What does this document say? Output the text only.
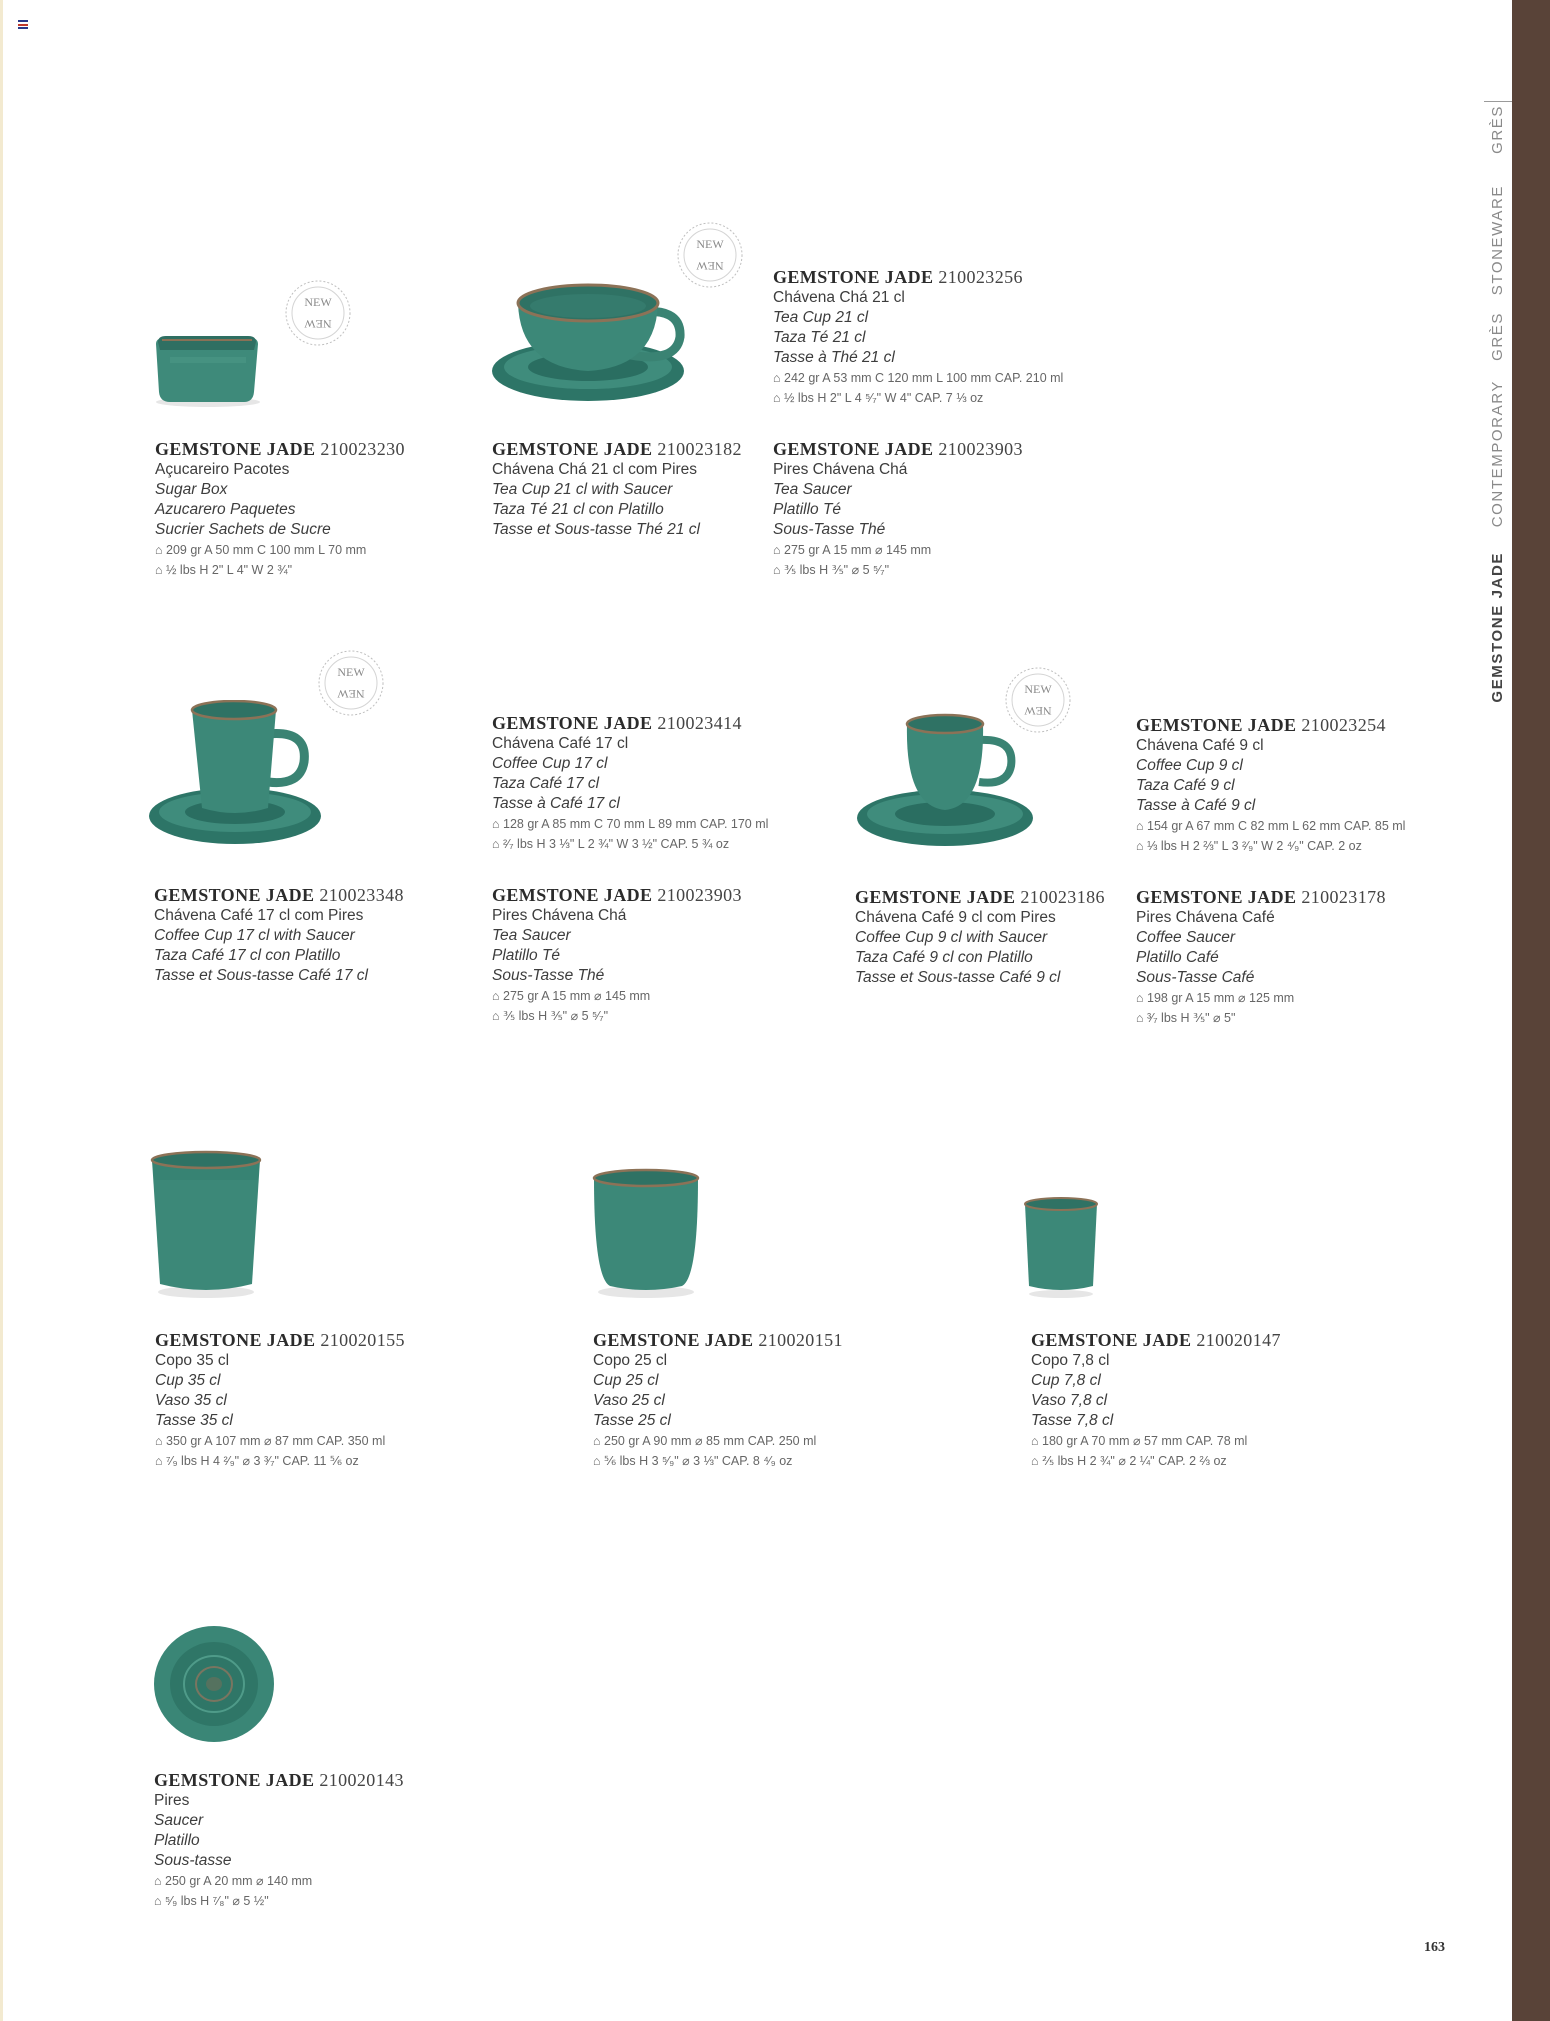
GRÈS
STONEWARE
GRÈS
CONTEMPORARY
GEMSTONE JADE
NEW
NEW
NEW
NEW
NEW
NEW	NEW
NEW
GEMSTONE JADE 210023230
Açucareiro Pacotes
Sugar Box
Azucarero Paquetes
Sucrier Sachets de Sucre
⌂ 209 gr A 50 mm C 100 mm L 70 mm
⌂ ½ lbs H 2" L 4" W 2 ¾"
GEMSTONE JADE 210023182
Chávena Chá 21 cl com Pires
Tea Cup 21 cl with Saucer
Taza Té 21 cl con Platillo
Tasse et Sous-tasse Thé 21 cl
GEMSTONE JADE 210023256
Chávena Chá 21 cl
Tea Cup 21 cl
Taza Té 21 cl
Tasse à Thé 21 cl
⌂ 242 gr A 53 mm C 120 mm L 100 mm CAP. 210 ml
⌂ ½ lbs H 2" L 4 ⁵⁄₇" W 4" CAP. 7 ⅓ oz
GEMSTONE JADE 210023903
Pires Chávena Chá
Tea Saucer
Platillo Té
Sous-Tasse Thé
⌂ 275 gr A 15 mm ⌀ 145 mm
⌂ ⅗ lbs H ⅗" ⌀ 5 ⁵⁄₇"
GEMSTONE JADE 210023414
Chávena Café 17 cl
Coffee Cup 17 cl
Taza Café 17 cl
Tasse à Café 17 cl
⌂ 128 gr A 85 mm C 70 mm L 89 mm CAP. 170 ml
⌂ ²⁄₇ lbs H 3 ⅓" L 2 ¾" W 3 ½" CAP. 5 ¾ oz
GEMSTONE JADE 210023254
Chávena Café 9 cl
Coffee Cup 9 cl
Taza Café 9 cl
Tasse à Café 9 cl
⌂ 154 gr A 67 mm C 82 mm L 62 mm CAP. 85 ml
⌂ ⅓ lbs H 2 ⅔" L 3 ²⁄₉" W 2 ⁴⁄₉" CAP. 2 oz
GEMSTONE JADE 210023348
Chávena Café 17 cl com Pires
Coffee Cup 17 cl with Saucer
Taza Café 17 cl con Platillo
Tasse et Sous-tasse Café 17 cl
GEMSTONE JADE 210023903
Pires Chávena Chá
Tea Saucer
Platillo Té
Sous-Tasse Thé
⌂ 275 gr A 15 mm ⌀ 145 mm
⌂ ⅗ lbs H ⅗" ⌀ 5 ⁵⁄₇"
GEMSTONE JADE 210023186
Chávena Café 9 cl com Pires
Coffee Cup 9 cl with Saucer
Taza Café 9 cl con Platillo
Tasse et Sous-tasse Café 9 cl
GEMSTONE JADE 210023178
Pires Chávena Café
Coffee Saucer
Platillo Café
Sous-Tasse Café
⌂ 198 gr A 15 mm ⌀ 125 mm
⌂ ³⁄₇ lbs H ⅗" ⌀ 5"
GEMSTONE JADE 210020155
Copo 35 cl
Cup 35 cl
Vaso 35 cl
Tasse 35 cl
⌂ 350 gr A 107 mm ⌀ 87 mm CAP. 350 ml
⌂ ⁷⁄₉ lbs H 4 ²⁄₉" ⌀ 3 ³⁄₇" CAP. 11 ⅚ oz
GEMSTONE JADE 210020151
Copo 25 cl
Cup 25 cl
Vaso 25 cl
Tasse 25 cl
⌂ 250 gr A 90 mm ⌀ 85 mm CAP. 250 ml
⌂ ⅚ lbs H 3 ⁵⁄₉" ⌀ 3 ⅓" CAP. 8 ⁴⁄₉ oz
GEMSTONE JADE 210020147
Copo 7,8 cl
Cup 7,8 cl
Vaso 7,8 cl
Tasse 7,8 cl
⌂ 180 gr A 70 mm ⌀ 57 mm CAP. 78 ml
⌂ ⅖ lbs H 2 ¾" ⌀ 2 ¼" CAP. 2 ⅔ oz
GEMSTONE JADE 210020143
Pires
Saucer
Platillo
Sous-tasse
⌂ 250 gr A 20 mm ⌀ 140 mm
⌂ ⁵⁄₉ lbs H ⁷⁄₈" ⌀ 5 ½"
163
